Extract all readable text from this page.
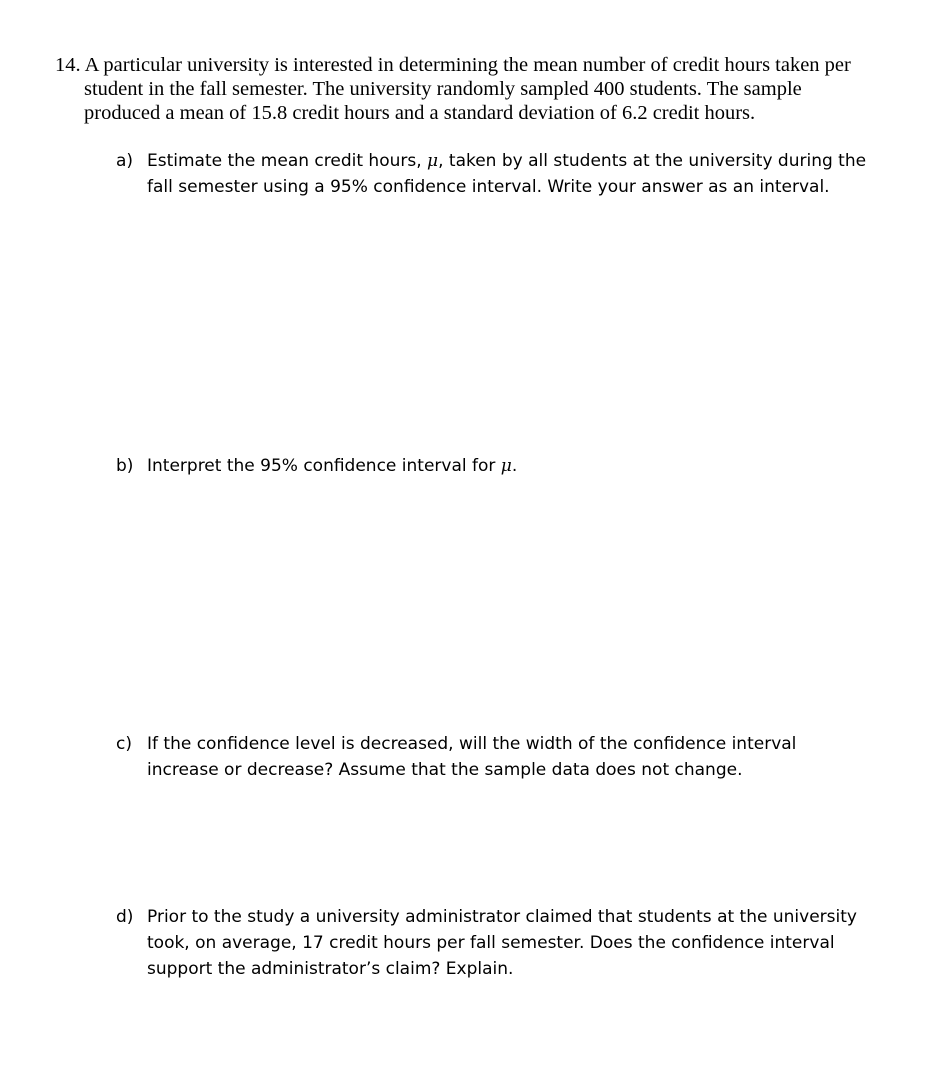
14. A particular university is interested in determining the mean number of credit hours taken per
student in the fall semester. The university randomly sampled 400 students. The sample
produced a mean of 15.8 credit hours and a standard deviation of 6.2 credit hours.
a) Estimate the mean credit hours, μ, taken by all students at the university during the
fall semester using a 95% confidence interval. Write your answer as an interval.
b) Interpret the 95% confidence interval for μ.
c) If the confidence level is decreased, will the width of the confidence interval
increase or decrease? Assume that the sample data does not change.
d) Prior to the study a university administrator claimed that students at the university
took, on average, 17 credit hours per fall semester. Does the confidence interval
support the administrator’s claim? Explain.
